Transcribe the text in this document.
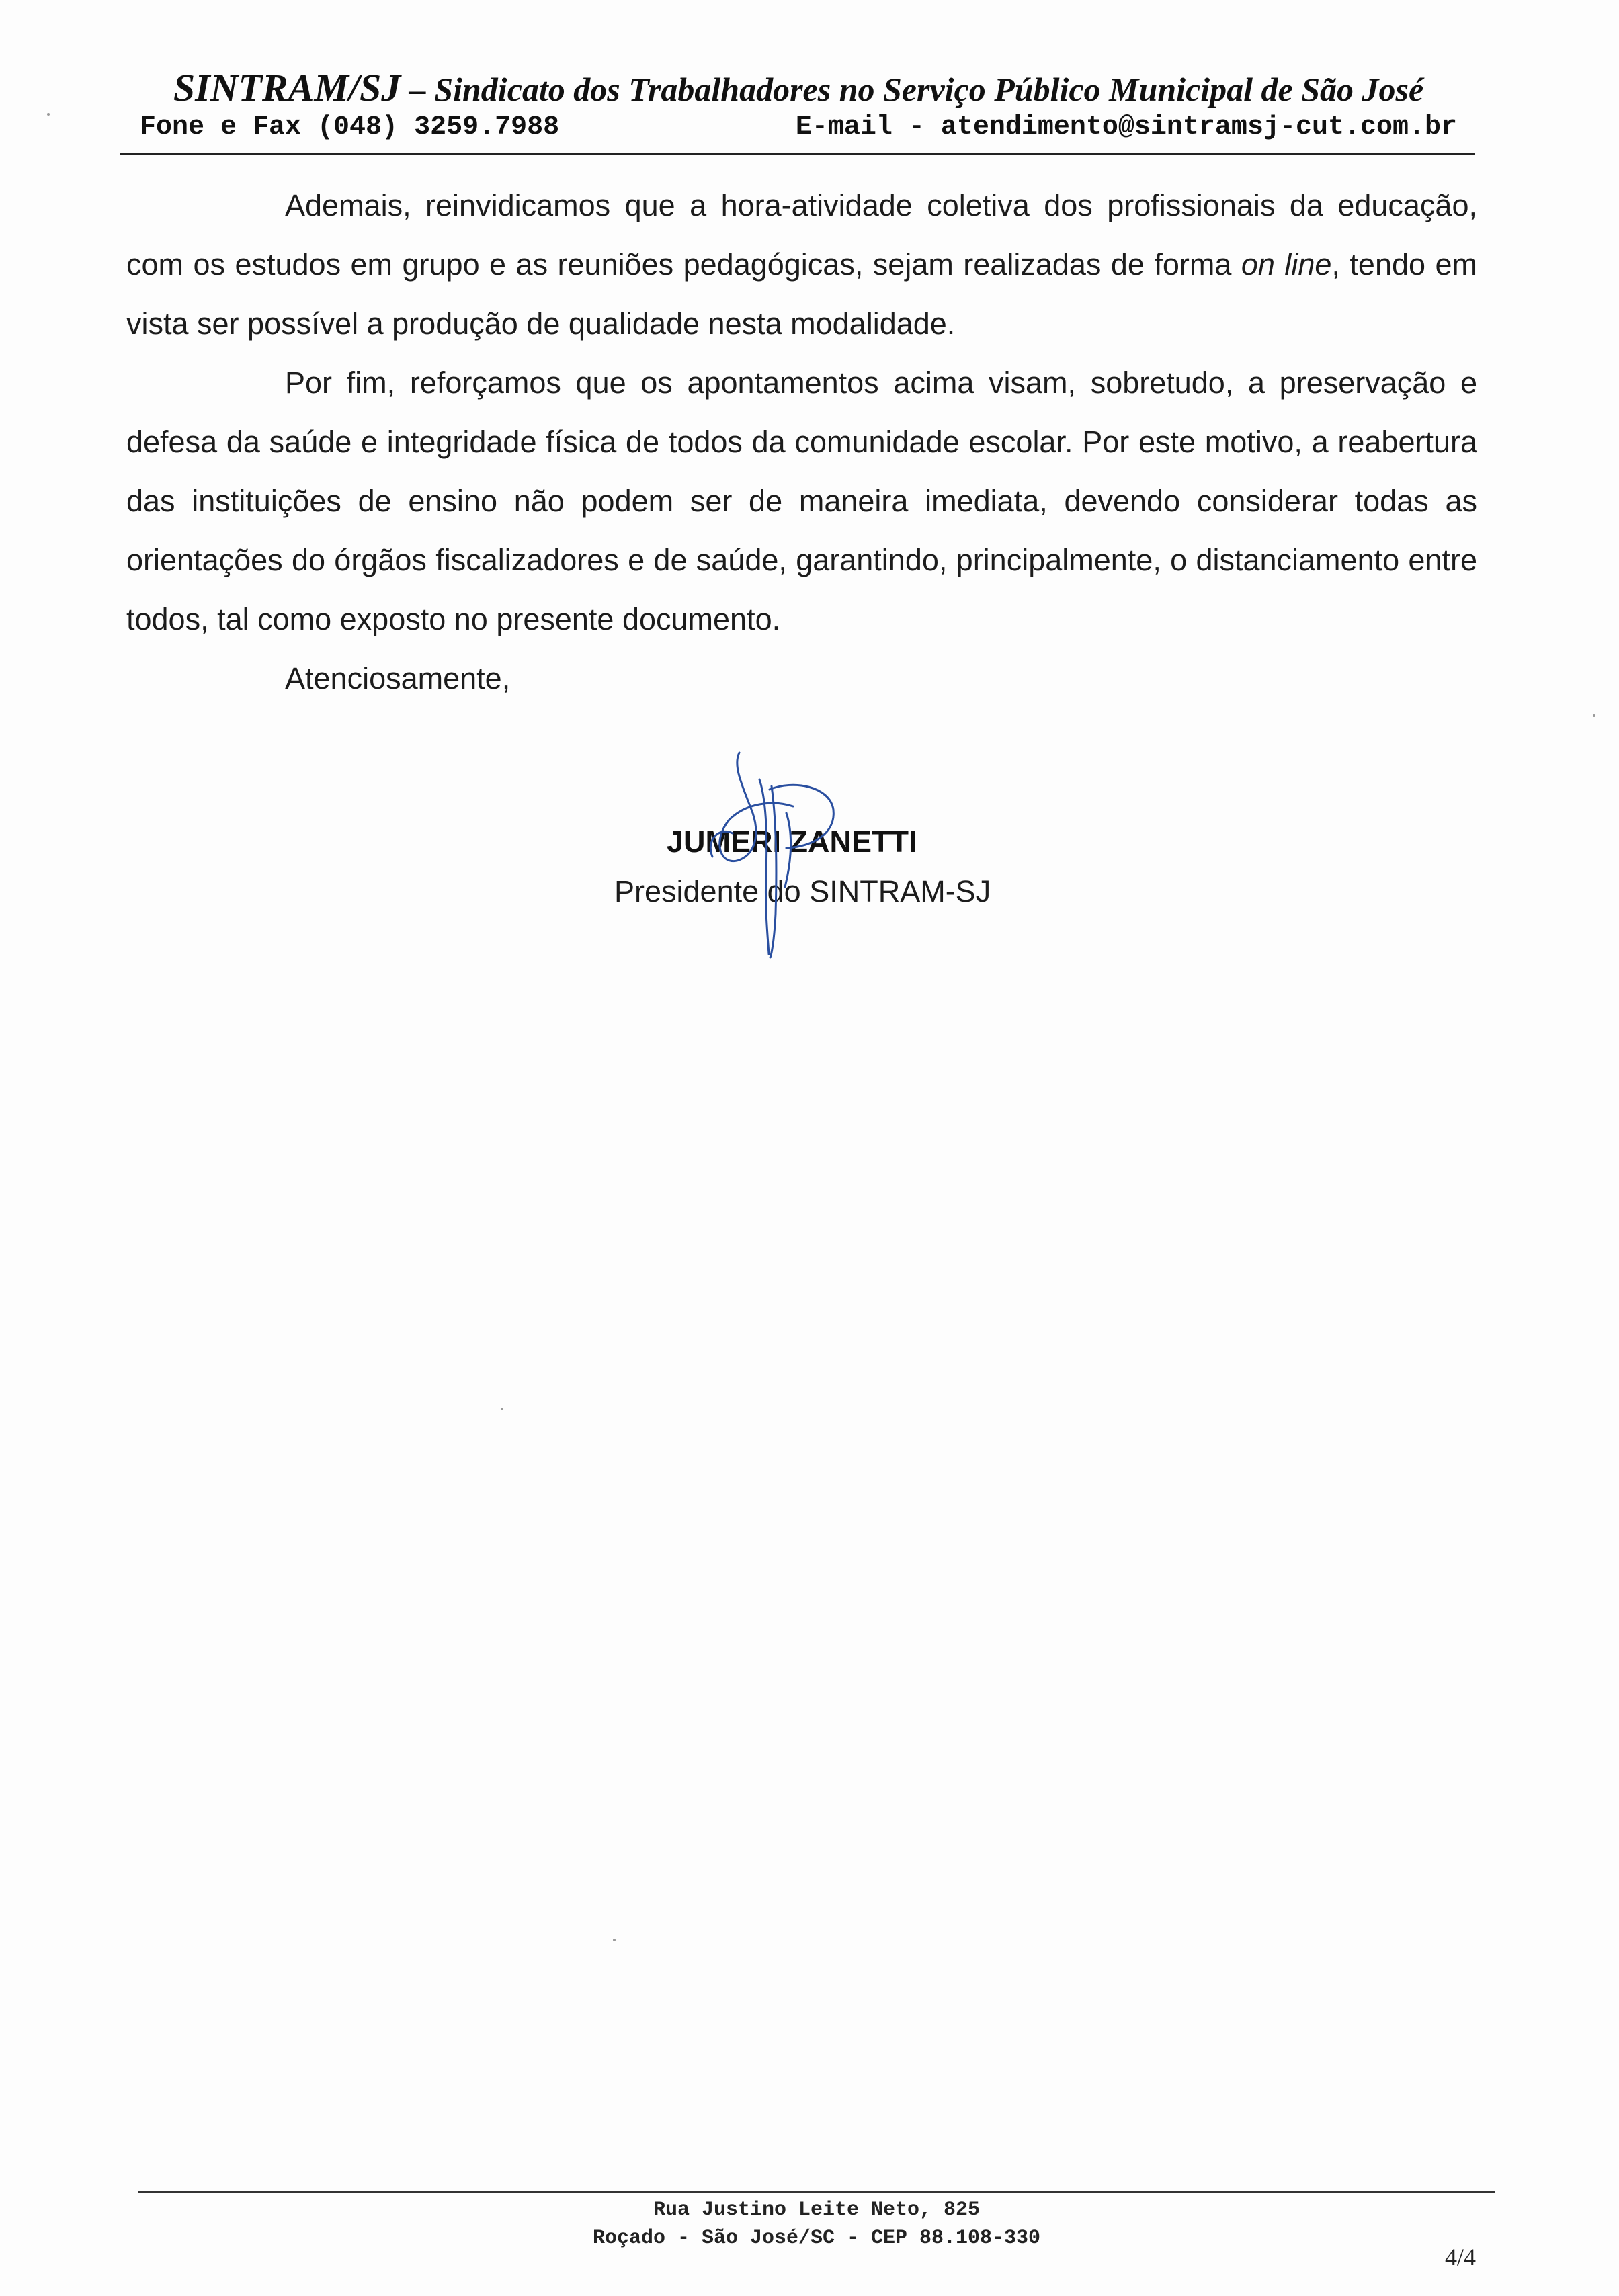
SINTRAM/SJ – Sindicato dos Trabalhadores no Serviço Público Municipal de São José
Fone e Fax (048) 3259.7988	E-mail - atendimento@sintramsj-cut.com.br

Ademais, reinvidicamos que a hora-atividade coletiva dos profissionais da educação, com os estudos em grupo e as reuniões pedagógicas, sejam realizadas de forma on line, tendo em vista ser possível a produção de qualidade nesta modalidade.

Por fim, reforçamos que os apontamentos acima visam, sobretudo, a preservação e defesa da saúde e integridade física de todos da comunidade escolar. Por este motivo, a reabertura das instituições de ensino não podem ser de maneira imediata, devendo considerar todas as orientações do órgãos fiscalizadores e de saúde, garantindo, principalmente, o distanciamento entre todos, tal como exposto no presente documento.

Atenciosamente,

JUMERI ZANETTI
Presidente do SINTRAM-SJ
Rua Justino Leite Neto, 825
Roçado - São José/SC - CEP 88.108-330
4/4
